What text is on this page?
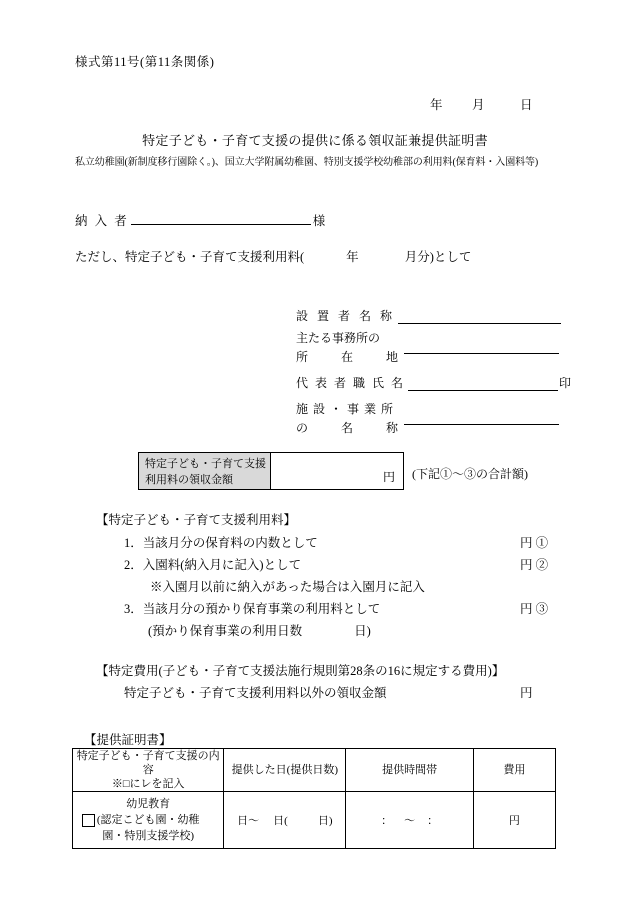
様式第11号(第11条関係)
年 月	日
特定子ども・子育て支援の提供に係る領収証兼提供証明書
私立幼稚園(新制度移行園除く。)、国立大学附属幼稚園、特別支援学校幼稚部の利用料(保育料・入園料等)
納 入 者	様
ただし、特定子ども・子育て支援利用料(	年	月分)として
設 置 者 名 称
主たる事務所の
所　　在　　地
代 表 者 職 氏 名	印
施 設 ・ 事 業 所
の　　名　　称
特定子ども・子育て支援
利用料の領収金額	円 (下記①～③の合計額)
【特定子ども・子育て支援利用料】
1．当該月分の保育料の内数として	円 ①
2．入園料(納入月に記入)として	円 ②
※入園月以前に納入があった場合は入園月に記入
3．当該月分の預かり保育事業の利用料として	円 ③
(預かり保育事業の利用日数	日)
【特定費用(子ども・子育て支援法施行規則第28条の16に規定する費用)】
特定子ども・子育て支援利用料以外の領収金額	円
【提供証明書】
特定子ども・子育て支援の内容
※□にレを記入	提供した日(提供日数)	提供時間帯	費用

幼児教育
(認定こども園・幼稚
園・特別支援学校)	日～ 日( 日)	： ～ ：	円
